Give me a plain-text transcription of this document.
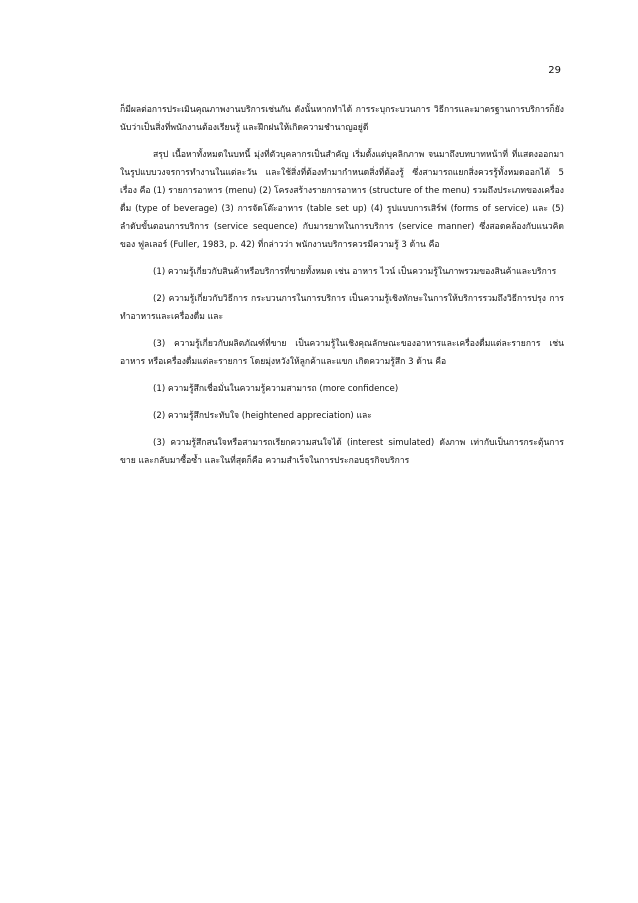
29

ก็มีผลต่อการประเมินคุณภาพงานบริการเช่นกัน ดังนั้นหากทำได้ การระบุกระบวนการ วิธีการและมาตรฐานการบริการก็ยังนับว่าเป็นสิ่งที่พนักงานต้องเรียนรู้ และฝึกฝนให้เกิดความชำนาญอยู่ดี

สรุป เนื้อหาทั้งหมดในบทนี้ มุ่งที่ตัวบุคลากรเป็นสำคัญ เริ่มตั้งแต่บุคลิกภาพ จนมาถึงบทบาทหน้าที่ ที่แสดงออกมาในรูปแบบวงจรการทำงานในแต่ละวัน และใช้สิ่งที่ต้องทำมากำหนดสิ่งที่ต้องรู้ ซึ่งสามารถแยกสิ่งควรรู้ทั้งหมดออกได้ 5 เรื่อง คือ (1) รายการอาหาร (menu) (2) โครงสร้างรายการอาหาร (structure of the menu) รวมถึงประเภทของเครื่องดื่ม (type of beverage) (3) การจัดโต๊ะอาหาร (table set up) (4) รูปแบบการเสิร์ฟ (forms of service) และ (5) ลำดับขั้นตอนการบริการ (service sequence) กับมารยาทในการบริการ (service manner) ซึ่งสอดคล้องกับแนวคิดของ ฟูลเลอร์ (Fuller, 1983, p. 42) ที่กล่าวว่า พนักงานบริการควรมีความรู้ 3 ด้าน คือ

(1) ความรู้เกี่ยวกับสินค้าหรือบริการที่ขายทั้งหมด เช่น อาหาร ไวน์ เป็นความรู้ในภาพรวมของสินค้าและบริการ

(2) ความรู้เกี่ยวกับวิธีการ กระบวนการในการบริการ เป็นความรู้เชิงทักษะในการให้บริการรวมถึงวิธีการปรุง การทำอาหารและเครื่องดื่ม และ

(3) ความรู้เกี่ยวกับผลิตภัณฑ์ที่ขาย เป็นความรู้ในเชิงคุณลักษณะของอาหารและเครื่องดื่มแต่ละรายการ เช่น อาหาร หรือเครื่องดื่มแต่ละรายการ โดยมุ่งหวังให้ลูกค้าและแขก เกิดความรู้สึก 3 ด้าน คือ

(1) ความรู้สึกเชื่อมั่นในความรู้ความสามารถ (more confidence)

(2) ความรู้สึกประทับใจ (heightened appreciation) และ

(3) ความรู้สึกสนใจหรือสามารถเรียกความสนใจได้ (interest simulated) ดังภาพ เท่ากับเป็นการกระตุ้นการขาย และกลับมาซื้อซ้ำ และในที่สุดก็คือ ความสำเร็จในการประกอบธุรกิจบริการ
